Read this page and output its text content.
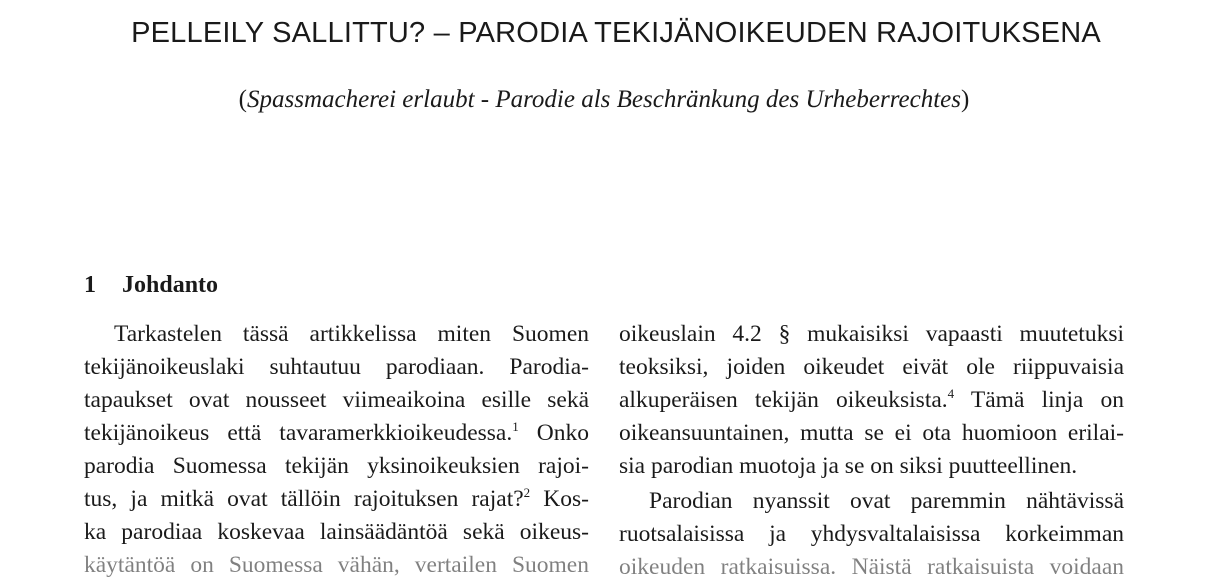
PELLEILY SALLITTU? – PARODIA TEKIJÄNOIKEUDEN RAJOITUKSENA
(Spassmacherei erlaubt - Parodie als Beschränkung des Urheberrechtes)
1 Johdanto
Tarkastelen tässä artikkelissa miten Suomen
tekijänoikeuslaki suhtautuu parodiaan. Parodia-
tapaukset ovat nousseet viimeaikoina esille sekä
tekijänoikeus että tavaramerkkioikeudessa.$^1$ Onko
parodia Suomessa tekijän yksinoikeuksien rajoi-
tus, ja mitkä ovat tällöin rajoituksen rajat?$^2$ Kos-
ka parodiaa koskevaa lainsäädäntöä sekä oikeus-
käytäntöä on Suomessa vähän, vertailen Suomen
oikeuslain 4.2 § mukaisiksi vapaasti muutetuksi
teoksiksi, joiden oikeudet eivät ole riippuvaisia
alkuperäisen tekijän oikeuksista.$^4$ Tämä linja on
oikeansuuntainen, mutta se ei ota huomioon erilai-
sia parodian muotoja ja se on siksi puutteellinen.
Parodian nyanssit ovat paremmin nähtävissä
ruotsalaisissa ja yhdysvaltalaisissa korkeimman
oikeuden ratkaisuissa. Näistä ratkaisuista voidaan
